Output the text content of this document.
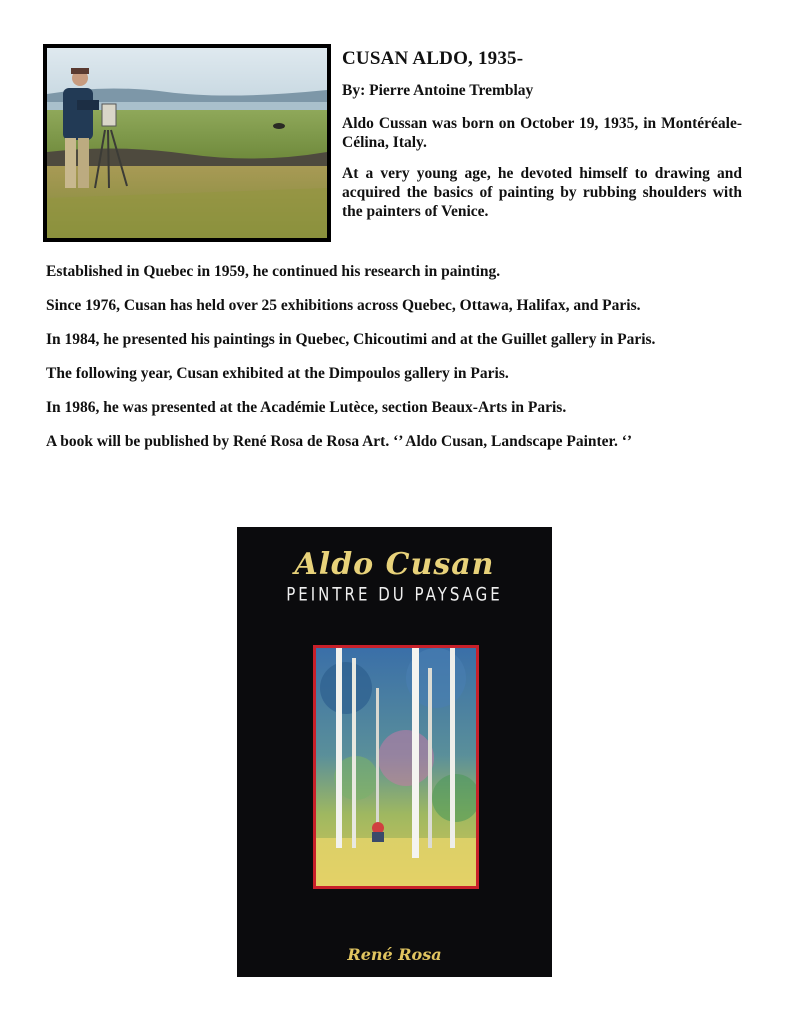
CUSAN ALDO, 1935-
By: Pierre Antoine Tremblay

Aldo Cussan was born on October 19, 1935, in Montéréale-Célina, Italy.

At a very young age, he devoted himself to drawing and acquired the basics of painting by rubbing shoulders with the painters of Venice.

Established in Quebec in 1959, he continued his research in painting.

Since 1976, Cusan has held over 25 exhibitions across Quebec, Ottawa, Halifax, and Paris.

In 1984, he presented his paintings in Quebec, Chicoutimi and at the Guillet gallery in Paris.

The following year, Cusan exhibited at the Dimpoulos gallery in Paris.

In 1986, he was presented at the Académie Lutèce, section Beaux-Arts in Paris.

A book will be published by René Rosa de Rosa Art. ‘’ Aldo Cusan, Landscape Painter. ‘’

Aldo Cusan
PEINTRE DU PAYSAGE
René Rosa
